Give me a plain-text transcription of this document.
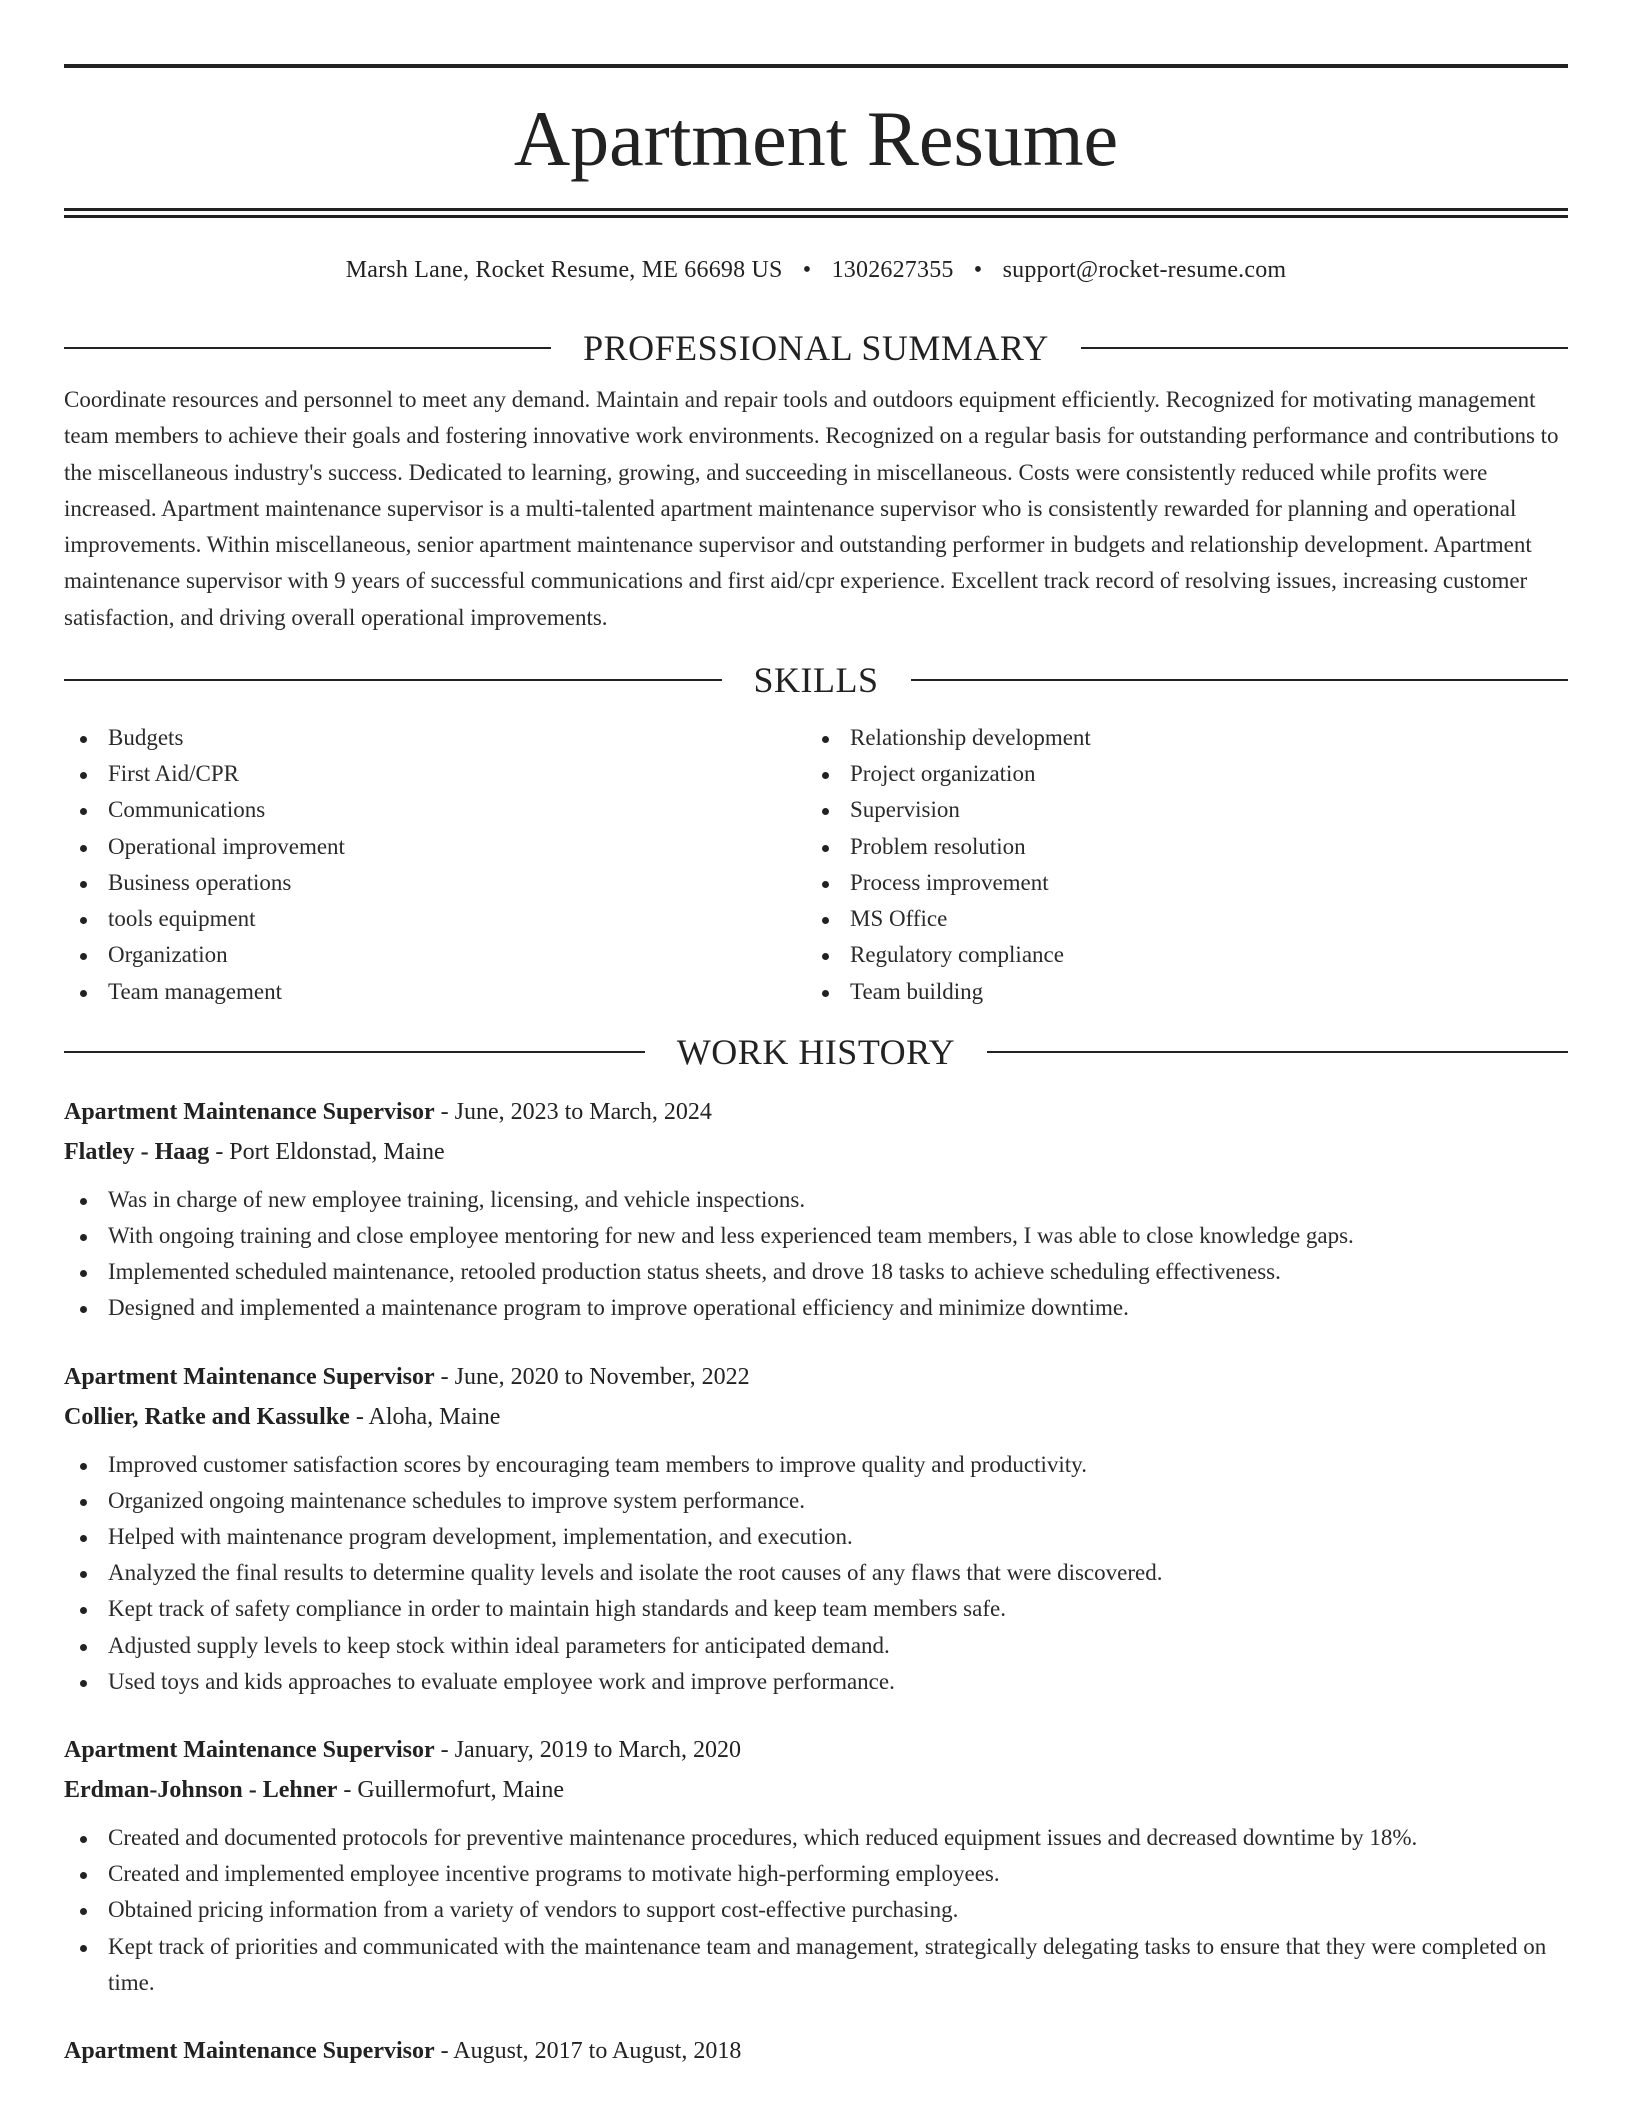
Apartment Resume
Marsh Lane, Rocket Resume, ME 66698 US • 1302627355 • support@rocket-resume.com
PROFESSIONAL SUMMARY
Coordinate resources and personnel to meet any demand. Maintain and repair tools and outdoors equipment efficiently. Recognized for motivating management team members to achieve their goals and fostering innovative work environments. Recognized on a regular basis for outstanding performance and contributions to the miscellaneous industry's success. Dedicated to learning, growing, and succeeding in miscellaneous. Costs were consistently reduced while profits were increased. Apartment maintenance supervisor is a multi-talented apartment maintenance supervisor who is consistently rewarded for planning and operational improvements. Within miscellaneous, senior apartment maintenance supervisor and outstanding performer in budgets and relationship development. Apartment maintenance supervisor with 9 years of successful communications and first aid/cpr experience. Excellent track record of resolving issues, increasing customer satisfaction, and driving overall operational improvements.
SKILLS
Budgets
First Aid/CPR
Communications
Operational improvement
Business operations
tools equipment
Organization
Team management
Relationship development
Project organization
Supervision
Problem resolution
Process improvement
MS Office
Regulatory compliance
Team building
WORK HISTORY
Apartment Maintenance Supervisor - June, 2023 to March, 2024
Flatley - Haag - Port Eldonstad, Maine
Was in charge of new employee training, licensing, and vehicle inspections.
With ongoing training and close employee mentoring for new and less experienced team members, I was able to close knowledge gaps.
Implemented scheduled maintenance, retooled production status sheets, and drove 18 tasks to achieve scheduling effectiveness.
Designed and implemented a maintenance program to improve operational efficiency and minimize downtime.
Apartment Maintenance Supervisor - June, 2020 to November, 2022
Collier, Ratke and Kassulke - Aloha, Maine
Improved customer satisfaction scores by encouraging team members to improve quality and productivity.
Organized ongoing maintenance schedules to improve system performance.
Helped with maintenance program development, implementation, and execution.
Analyzed the final results to determine quality levels and isolate the root causes of any flaws that were discovered.
Kept track of safety compliance in order to maintain high standards and keep team members safe.
Adjusted supply levels to keep stock within ideal parameters for anticipated demand.
Used toys and kids approaches to evaluate employee work and improve performance.
Apartment Maintenance Supervisor - January, 2019 to March, 2020
Erdman-Johnson - Lehner - Guillermofurt, Maine
Created and documented protocols for preventive maintenance procedures, which reduced equipment issues and decreased downtime by 18%.
Created and implemented employee incentive programs to motivate high-performing employees.
Obtained pricing information from a variety of vendors to support cost-effective purchasing.
Kept track of priorities and communicated with the maintenance team and management, strategically delegating tasks to ensure that they were completed on time.
Apartment Maintenance Supervisor - August, 2017 to August, 2018
